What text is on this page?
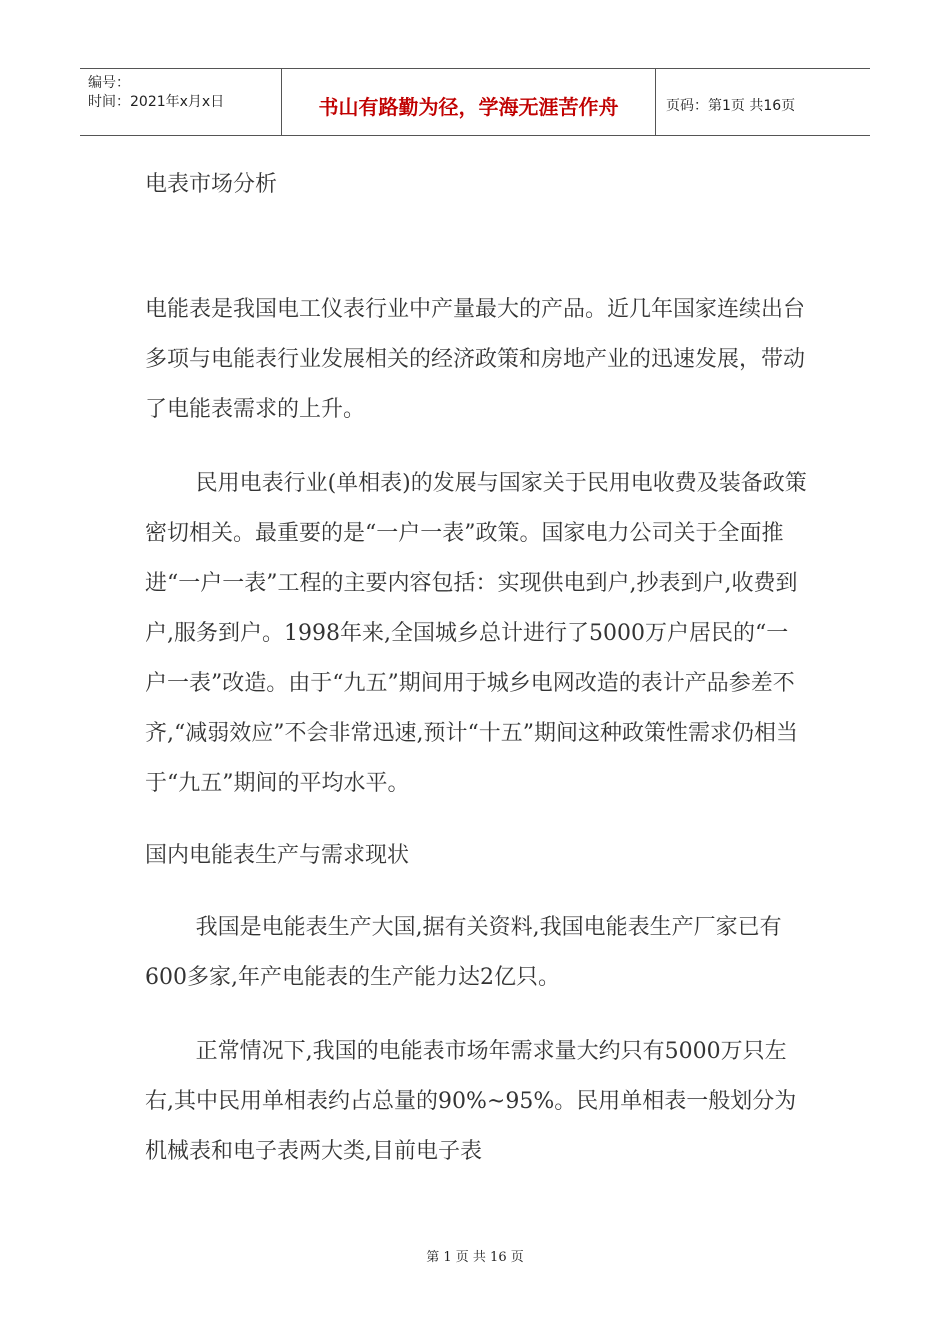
编号：
时间：2021年x月x日	书山有路勤为径，学海无涯苦作舟	页码：第1页 共16页

电表市场分析

电能表是我国电工仪表行业中产量最大的产品。近几年国家连续出台多项与电能表行业发展相关的经济政策和房地产业的迅速发展，带动了电能表需求的上升。

民用电表行业(单相表)的发展与国家关于民用电收费及装备政策密切相关。最重要的是“一户一表”政策。国家电力公司关于全面推进“一户一表”工程的主要内容包括：实现供电到户,抄表到户,收费到户,服务到户。1998年来,全国城乡总计进行了5000万户居民的“一户一表”改造。由于“九五”期间用于城乡电网改造的表计产品参差不齐,“减弱效应”不会非常迅速,预计“十五”期间这种政策性需求仍相当于“九五”期间的平均水平。

国内电能表生产与需求现状

我国是电能表生产大国,据有关资料,我国电能表生产厂家已有600多家,年产电能表的生产能力达2亿只。

正常情况下,我国的电能表市场年需求量大约只有5000万只左右,其中民用单相表约占总量的90%~95%。民用单相表一般划分为机械表和电子表两大类,目前电子表

第 1 页 共 16 页
